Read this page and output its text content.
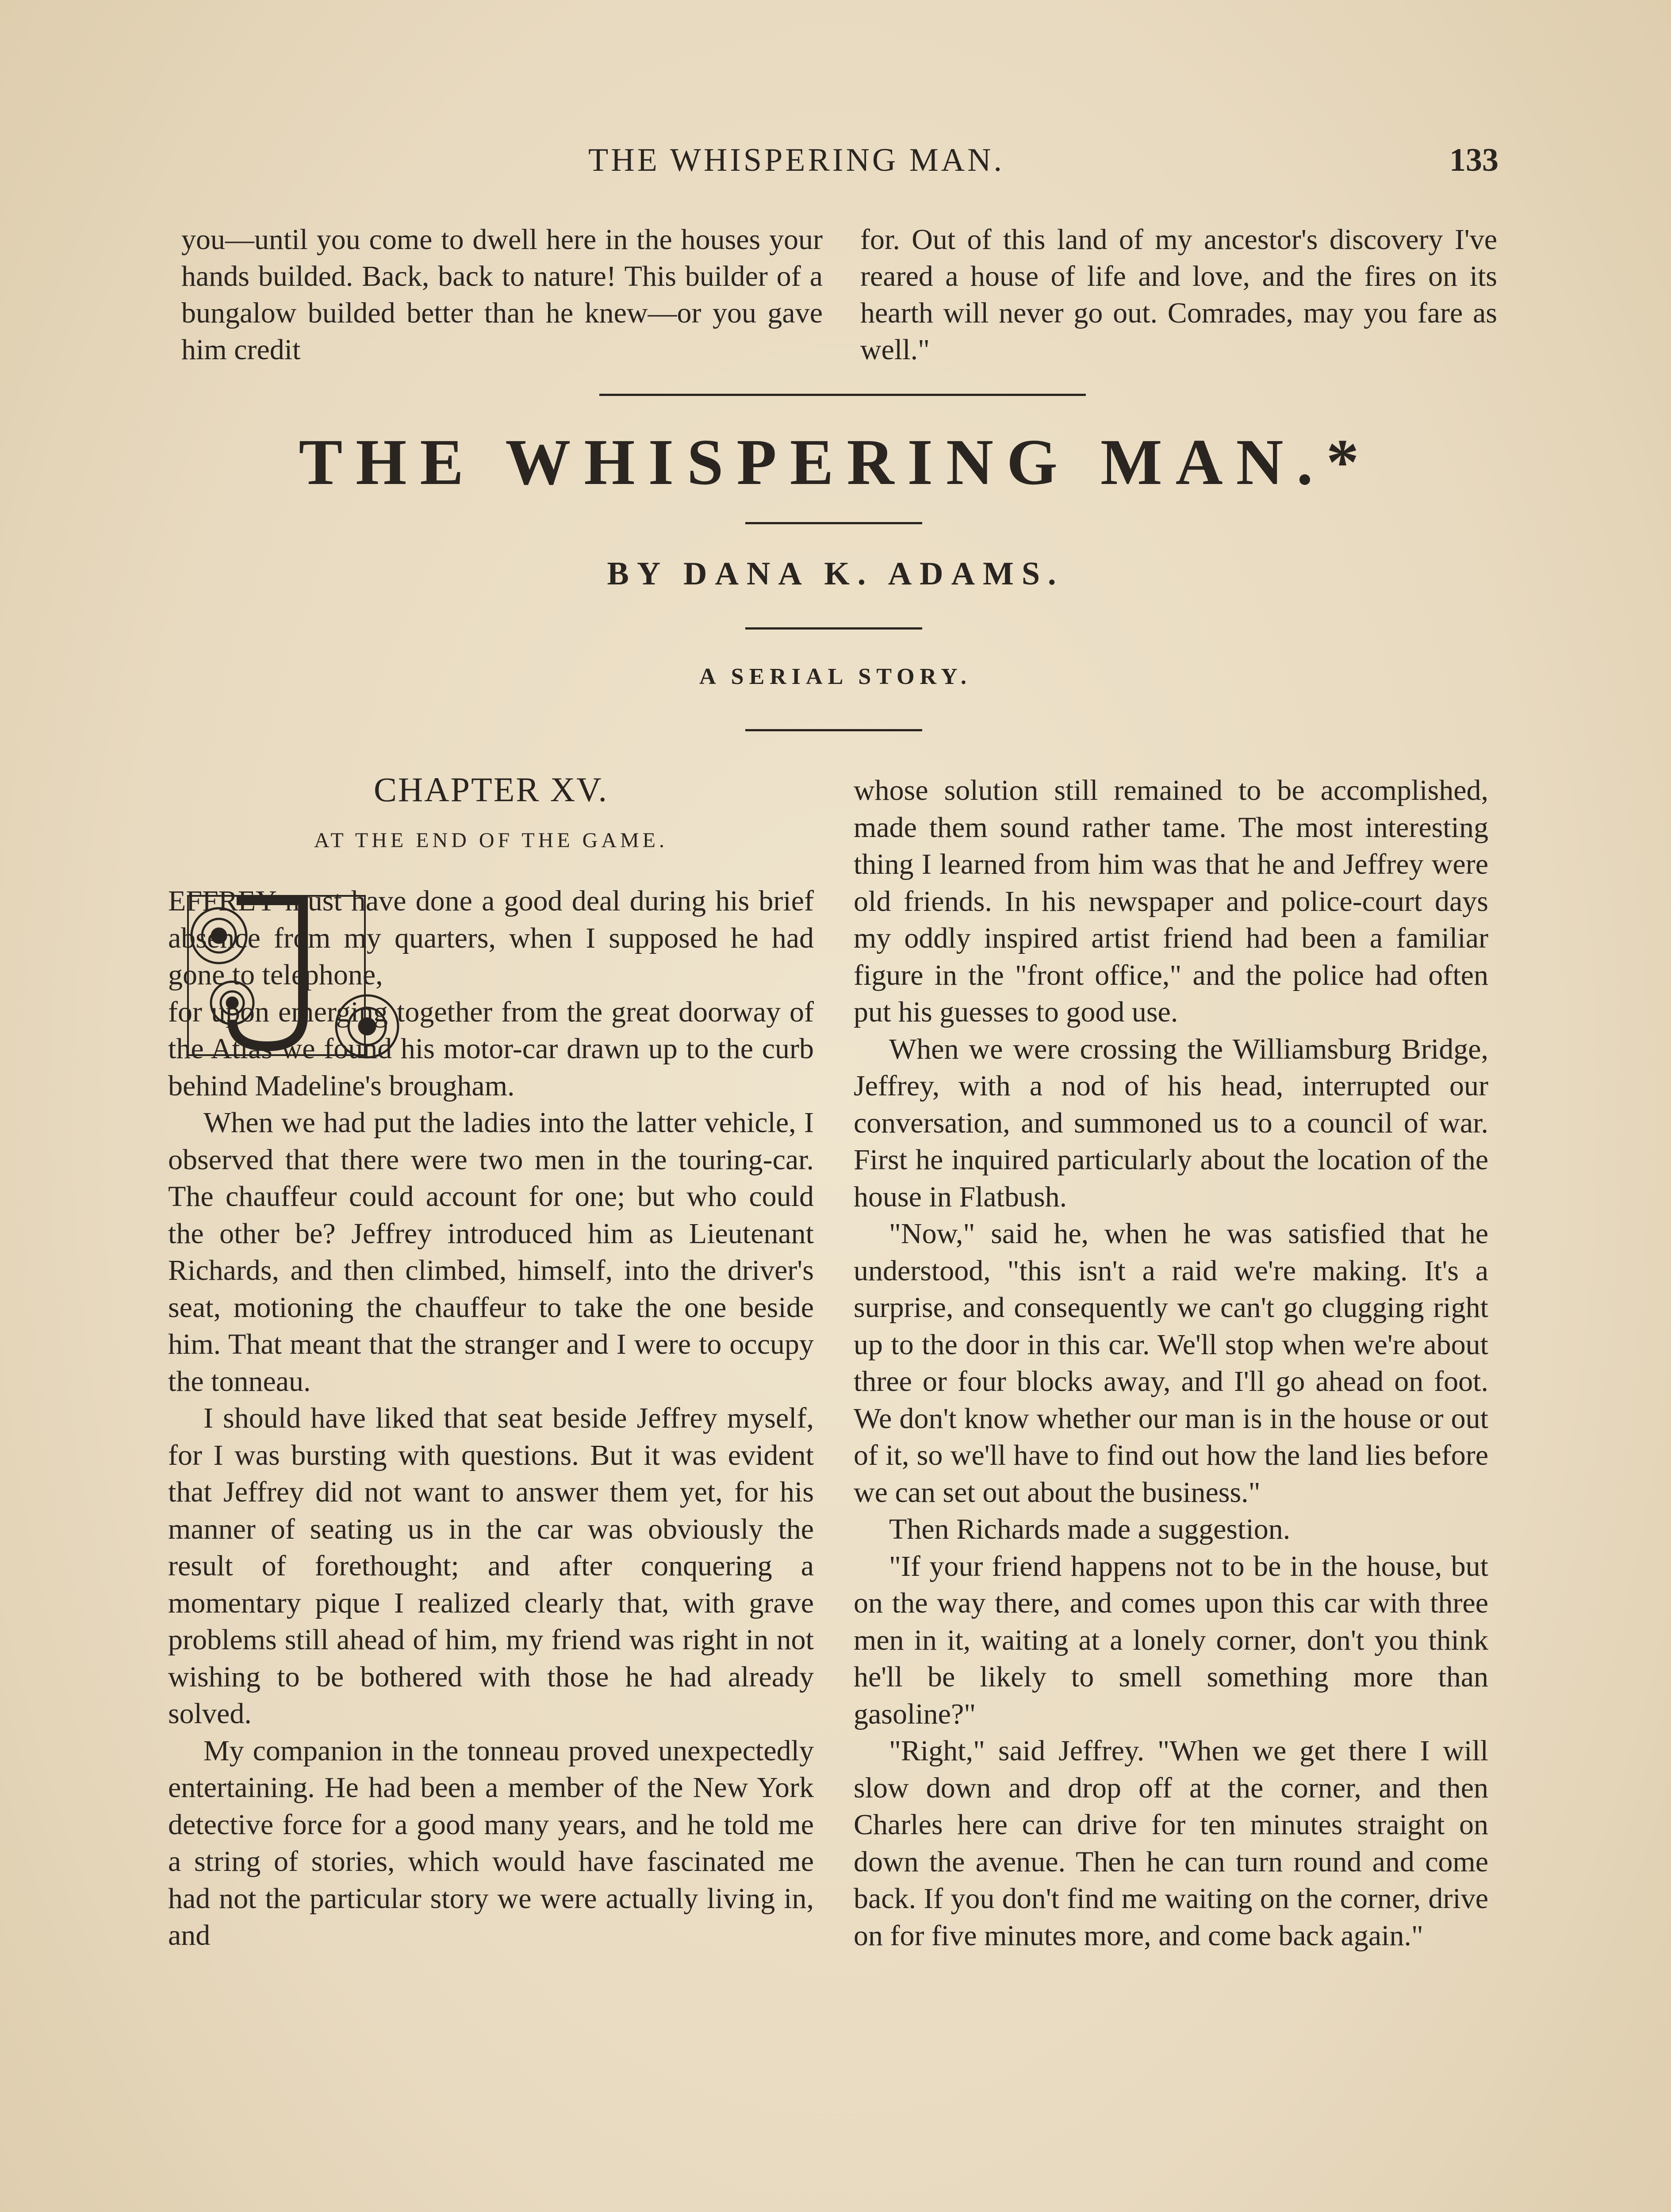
THE WHISPERING MAN.	133

you—until you come to dwell here in the houses your hands builded. Back, back to nature! This builder of a bungalow builded better than he knew—or you gave him credit

for. Out of this land of my ancestor's discovery I've reared a house of life and love, and the fires on its hearth will never go out. Comrades, may you fare as well."

THE WHISPERING MAN.*
BY DANA K. ADAMS.
A SERIAL STORY.
CHAPTER XV.
AT THE END OF THE GAME.

EFFREY must have done a good deal during his brief absence from my quarters, when I supposed he had gone to telephone,

for upon emerging together from the great doorway of the Atlas we found his motor-car drawn up to the curb behind Madeline's brougham.

When we had put the ladies into the latter vehicle, I observed that there were two men in the touring-car. The chauffeur could account for one; but who could the other be? Jeffrey introduced him as Lieutenant Richards, and then climbed, himself, into the driver's seat, motioning the chauffeur to take the one beside him. That meant that the stranger and I were to occupy the tonneau.

I should have liked that seat beside Jeffrey myself, for I was bursting with questions. But it was evident that Jeffrey did not want to answer them yet, for his manner of seating us in the car was obviously the result of forethought; and after conquering a momentary pique I realized clearly that, with grave problems still ahead of him, my friend was right in not wishing to be bothered with those he had already solved.

My companion in the tonneau proved unexpectedly entertaining. He had been a member of the New York detective force for a good many years, and he told me a string of stories, which would have fascinated me had not the particular story we were actually living in, and

whose solution still remained to be accomplished, made them sound rather tame. The most interesting thing I learned from him was that he and Jeffrey were old friends. In his newspaper and police-court days my oddly inspired artist friend had been a familiar figure in the "front office," and the police had often put his guesses to good use.

When we were crossing the Williamsburg Bridge, Jeffrey, with a nod of his head, interrupted our conversation, and summoned us to a council of war. First he inquired particularly about the location of the house in Flatbush.

"Now," said he, when he was satisfied that he understood, "this isn't a raid we're making. It's a surprise, and consequently we can't go clugging right up to the door in this car. We'll stop when we're about three or four blocks away, and I'll go ahead on foot. We don't know whether our man is in the house or out of it, so we'll have to find out how the land lies before we can set out about the business."

Then Richards made a suggestion.

"If your friend happens not to be in the house, but on the way there, and comes upon this car with three men in it, waiting at a lonely corner, don't you think he'll be likely to smell something more than gasoline?"

"Right," said Jeffrey. "When we get there I will slow down and drop off at the corner, and then Charles here can drive for ten minutes straight on down the avenue. Then he can turn round and come back. If you don't find me waiting on the corner, drive on for five minutes more, and come back again."
